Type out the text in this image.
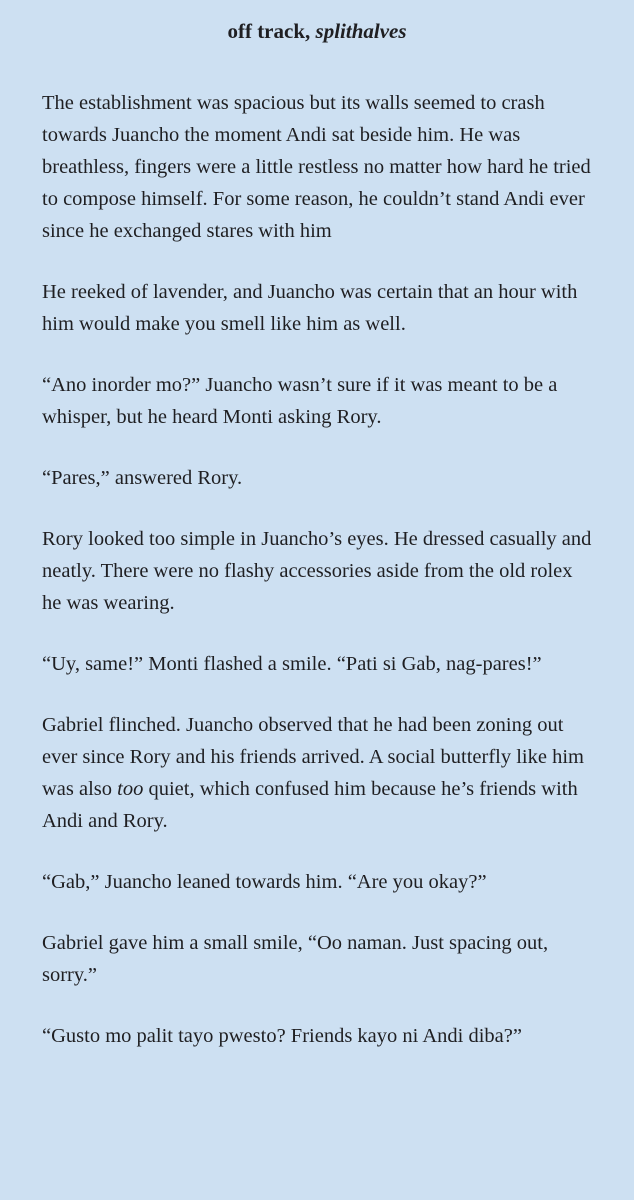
off track, splithalves

The establishment was spacious but its walls seemed to crash towards Juancho the moment Andi sat beside him. He was breathless, fingers were a little restless no matter how hard he tried to compose himself. For some reason, he couldn’t stand Andi ever since he exchanged stares with him

He reeked of lavender, and Juancho was certain that an hour with him would make you smell like him as well.

“Ano inorder mo?” Juancho wasn’t sure if it was meant to be a whisper, but he heard Monti asking Rory.

“Pares,” answered Rory.

Rory looked too simple in Juancho’s eyes. He dressed casually and neatly. There were no flashy accessories aside from the old rolex he was wearing.

“Uy, same!” Monti flashed a smile. “Pati si Gab, nag-pares!”

Gabriel flinched. Juancho observed that he had been zoning out ever since Rory and his friends arrived. A social butterfly like him was also too quiet, which confused him because he’s friends with Andi and Rory.

“Gab,” Juancho leaned towards him. “Are you okay?”

Gabriel gave him a small smile, “Oo naman. Just spacing out, sorry.”

“Gusto mo palit tayo pwesto? Friends kayo ni Andi diba?”
